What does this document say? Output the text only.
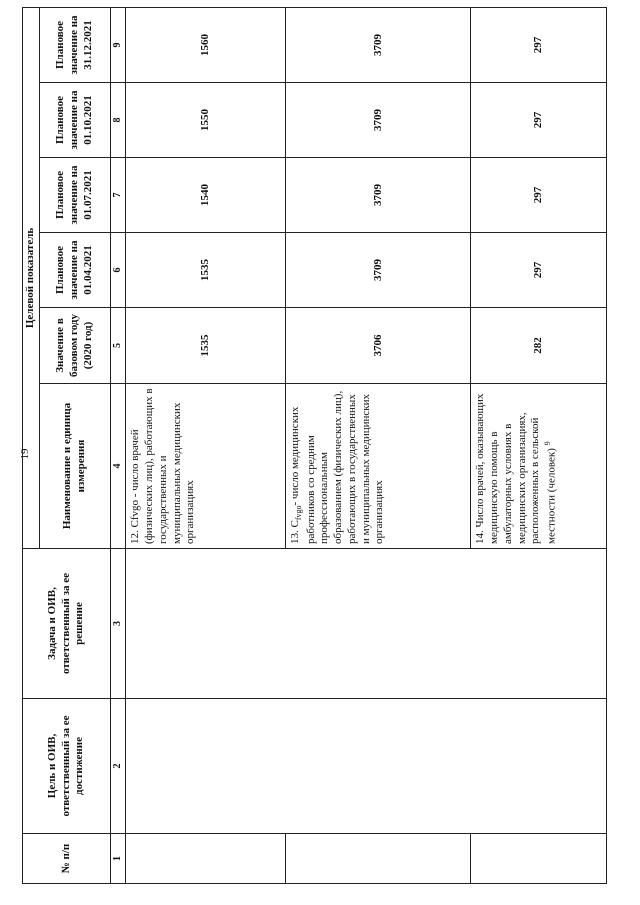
19
№ п/п	Цель и ОИВ, ответственный за ее достижение	Задача и ОИВ, ответственный за ее решение	Целевой показатель					
			Наименование и единица измерения	Значение в базовом году (2020 год)	Плановое значение на 01.04.2021	Плановое значение на 01.07.2021	Плановое значение на 01.10.2021	Плановое значение на 31.12.2021
1	2	3	4	5	6	7	8	9
			12. Cfvgo - число врачей (физических лиц), работающих в государственных и муниципальных медицинских организациях	1535	1535	1540	1550	1560
			13. $C_{fvgo}-$ число медицинских работников со средним профессиональным образованием (физических лиц), работающих в государственных и муниципальных медицинских организациях	3706	3709	3709	3709	3709
			14. Число врачей, оказывающих медицинскую помощь в амбулаторных условиях в медицинских организациях, расположенных в сельской местности (человек) $^9$	282	297	297	297	297
